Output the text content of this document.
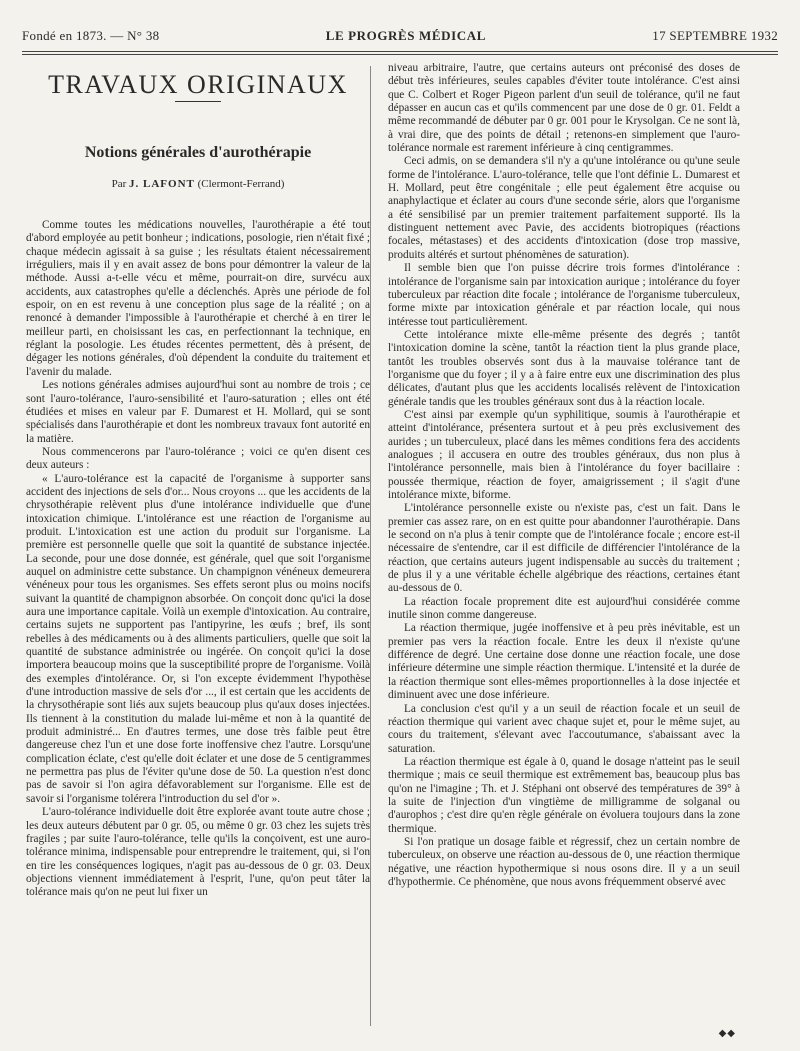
Fondé en 1873. — N° 38	LE PROGRÈS MÉDICAL	17 SEPTEMBRE 1932
TRAVAUX ORIGINAUX
Notions générales d'aurothérapie
Par J. LAFONT (Clermont-Ferrand)

Comme toutes les médications nouvelles, l'aurothérapie a été tout d'abord employée au petit bonheur ; indications, posologie, rien n'était fixé ; chaque médecin agissait à sa guise ; les résultats étaient nécessairement irréguliers, mais il y en avait assez de bons pour démontrer la valeur de la méthode. Aussi a-t-elle vécu et même, pourrait-on dire, survécu aux accidents, aux catastrophes qu'elle a déclenchés. Après une période de fol espoir, on en est revenu à une conception plus sage de la réalité ; on a renoncé à demander l'impossible à l'aurothérapie et cherché à en tirer le meilleur parti, en choisissant les cas, en perfectionnant la technique, en réglant la posologie. Les études récentes permettent, dès à présent, de dégager les notions générales, d'où dépendent la conduite du traitement et l'avenir du malade.

Les notions générales admises aujourd'hui sont au nombre de trois ; ce sont l'auro-tolérance, l'auro-sensibilité et l'auro-saturation ; elles ont été étudiées et mises en valeur par F. Dumarest et H. Mollard, qui se sont spécialisés dans l'aurothérapie et dont les nombreux travaux font autorité en la matière.

Nous commencerons par l'auro-tolérance ; voici ce qu'en disent ces deux auteurs :

« L'auro-tolérance est la capacité de l'organisme à supporter sans accident des injections de sels d'or... Nous croyons ... que les accidents de la chrysothérapie relèvent plus d'une intolérance individuelle que d'une intoxication chimique. L'intolérance est une réaction de l'organisme au produit. L'intoxication est une action du produit sur l'organisme. La première est personnelle quelle que soit la quantité de substance injectée. La seconde, pour une dose donnée, est générale, quel que soit l'organisme auquel on administre cette substance. Un champignon vénéneux demeurera vénéneux pour tous les organismes. Ses effets seront plus ou moins nocifs suivant la quantité de champignon absorbée. On conçoit donc qu'ici la dose aura une importance capitale. Voilà un exemple d'intoxication. Au contraire, certains sujets ne supportent pas l'antipyrine, les œufs ; bref, ils sont rebelles à des médicaments ou à des aliments particuliers, quelle que soit la quantité de substance administrée ou ingérée. On conçoit qu'ici la dose importera beaucoup moins que la susceptibilité propre de l'organisme. Voilà des exemples d'intolérance. Or, si l'on excepte évidemment l'hypothèse d'une introduction massive de sels d'or ..., il est certain que les accidents de la chrysothérapie sont liés aux sujets beaucoup plus qu'aux doses injectées. Ils tiennent à la constitution du malade lui-même et non à la quantité de produit administré... En d'autres termes, une dose très faible peut être dangereuse chez l'un et une dose forte inoffensive chez l'autre. Lorsqu'une complication éclate, c'est qu'elle doit éclater et une dose de 5 centigrammes ne permettra pas plus de l'éviter qu'une dose de 50. La question n'est donc pas de savoir si l'on agira défavorablement sur l'organisme. Elle est de savoir si l'organisme tolérera l'introduction du sel d'or ».

L'auro-tolérance individuelle doit être explorée avant toute autre chose ; les deux auteurs débutent par 0 gr. 05, ou même 0 gr. 03 chez les sujets très fragiles ; par suite l'auro-tolérance, telle qu'ils la conçoivent, est une auro-tolérance minima, indispensable pour entreprendre le traitement, qui, si l'on en tire les conséquences logiques, n'agit pas au-dessous de 0 gr. 03. Deux objections viennent immédiatement à l'esprit, l'une, qu'on peut tâter la tolérance mais qu'on ne peut lui fixer un

niveau arbitraire, l'autre, que certains auteurs ont préconisé des doses de début très inférieures, seules capables d'éviter toute intolérance. C'est ainsi que C. Colbert et Roger Pigeon parlent d'un seuil de tolérance, qu'il ne faut dépasser en aucun cas et qu'ils commencent par une dose de 0 gr. 01. Feldt a même recommandé de débuter par 0 gr. 001 pour le Krysolgan. Ce ne sont là, à vrai dire, que des points de détail ; retenons-en simplement que l'auro-tolérance normale est rarement inférieure à cinq centigrammes.

Ceci admis, on se demandera s'il n'y a qu'une intolérance ou qu'une seule forme de l'intolérance. L'auro-tolérance, telle que l'ont définie L. Dumarest et H. Mollard, peut être congénitale ; elle peut également être acquise ou anaphylactique et éclater au cours d'une seconde série, alors que l'organisme a été sensibilisé par un premier traitement parfaitement supporté. Ils la distinguent nettement avec Pavie, des accidents biotropiques (réactions focales, métastases) et des accidents d'intoxication (dose trop massive, produits altérés et surtout phénomènes de saturation).

Il semble bien que l'on puisse décrire trois formes d'intolérance : intolérance de l'organisme sain par intoxication aurique ; intolérance du foyer tuberculeux par réaction dite focale ; intolérance de l'organisme tuberculeux, forme mixte par intoxication générale et par réaction locale, qui nous intéresse tout particulièrement.

Cette intolérance mixte elle-même présente des degrés ; tantôt l'intoxication domine la scène, tantôt la réaction tient la plus grande place, tantôt les troubles observés sont dus à la mauvaise tolérance tant de l'organisme que du foyer ; il y a à faire entre eux une discrimination des plus délicates, d'autant plus que les accidents localisés relèvent de l'intoxication générale tandis que les troubles généraux sont dus à la réaction locale.

C'est ainsi par exemple qu'un syphilitique, soumis à l'aurothérapie et atteint d'intolérance, présentera surtout et à peu près exclusivement des aurides ; un tuberculeux, placé dans les mêmes conditions fera des accidents analogues ; il accusera en outre des troubles généraux, dus non plus à l'intolérance personnelle, mais bien à l'intolérance du foyer bacillaire : poussée thermique, réaction de foyer, amaigrissement ; il s'agit d'une intolérance mixte, biforme.

L'intolérance personnelle existe ou n'existe pas, c'est un fait. Dans le premier cas assez rare, on en est quitte pour abandonner l'aurothérapie. Dans le second on n'a plus à tenir compte que de l'intolérance focale ; encore est-il nécessaire de s'entendre, car il est difficile de différencier l'intolérance de la réaction, que certains auteurs jugent indispensable au succès du traitement ; de plus il y a une véritable échelle algébrique des réactions, certaines étant au-dessous de 0.

La réaction focale proprement dite est aujourd'hui considérée comme inutile sinon comme dangereuse.

La réaction thermique, jugée inoffensive et à peu près inévitable, est un premier pas vers la réaction focale. Entre les deux il n'existe qu'une différence de degré. Une certaine dose donne une réaction focale, une dose inférieure détermine une simple réaction thermique. L'intensité et la durée de la réaction thermique sont elles-mêmes proportionnelles à la dose injectée et diminuent avec une dose inférieure.

La conclusion c'est qu'il y a un seuil de réaction focale et un seuil de réaction thermique qui varient avec chaque sujet et, pour le même sujet, au cours du traitement, s'élevant avec l'accoutumance, s'abaissant avec la saturation.

La réaction thermique est égale à 0, quand le dosage n'atteint pas le seuil thermique ; mais ce seuil thermique est extrêmement bas, beaucoup plus bas qu'on ne l'imagine ; Th. et J. Stéphani ont observé des températures de 39° à la suite de l'injection d'un vingtième de milligramme de solganal ou d'aurophos ; c'est dire qu'en règle générale on évoluera toujours dans la zone thermique.

Si l'on pratique un dosage faible et régressif, chez un certain nombre de tuberculeux, on observe une réaction au-dessous de 0, une réaction thermique négative, une réaction hypothermique si nous osons dire. Il y a un seuil d'hypothermie. Ce phénomène, que nous avons fréquemment observé avec

◆◆
